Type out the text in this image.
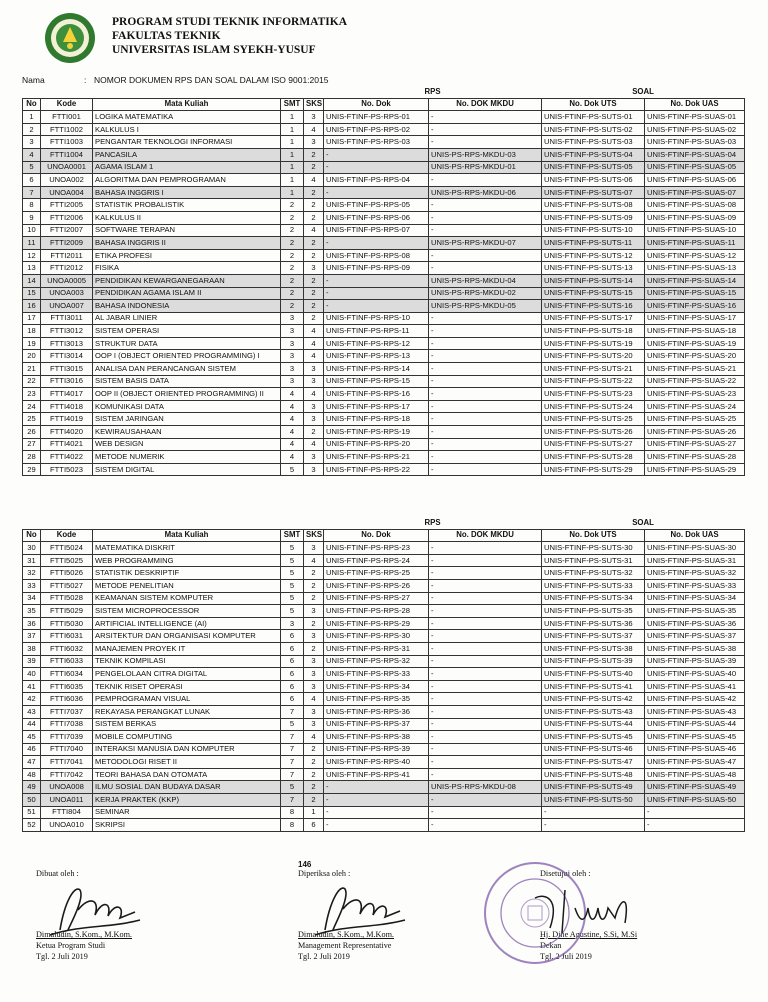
PROGRAM STUDI TEKNIK INFORMATIKA
FAKULTAS TEKNIK
UNIVERSITAS ISLAM SYEKH-YUSUF
Nama	: NOMOR DOKUMEN RPS DAN SOAL DALAM ISO 9001:2015
					RPS		SOAL	
No	Kode	Mata Kuliah	SMT	SKS	No. Dok	No. DOK MKDU	No. Dok UTS	No. Dok UAS
1	FTTI001	LOGIKA MATEMATIKA	1	3	UNIS-FTINF-PS-RPS-01	-	UNIS-FTINF-PS-SUTS-01	UNIS-FTINF-PS-SUAS-01
2	FTTI1002	KALKULUS I	1	4	UNIS-FTINF-PS-RPS-02	-	UNIS-FTINF-PS-SUTS-02	UNIS-FTINF-PS-SUAS-02
3	FTTI1003	PENGANTAR TEKNOLOGI INFORMASI	1	3	UNIS-FTINF-PS-RPS-03	-	UNIS-FTINF-PS-SUTS-03	UNIS-FTINF-PS-SUAS-03
4	FTTI1004	PANCASILA	1	2	-	UNIS-PS-RPS-MKDU-03	UNIS-FTINF-PS-SUTS-04	UNIS-FTINF-PS-SUAS-04
5	UNOA0001	AGAMA ISLAM 1	1	2	-	UNIS-PS-RPS-MKDU-01	UNIS-FTINF-PS-SUTS-05	UNIS-FTINF-PS-SUAS-05
6	UNOA002	ALGORITMA DAN PEMPROGRAMAN	1	4	UNIS-FTINF-PS-RPS-04	-	UNIS-FTINF-PS-SUTS-06	UNIS-FTINF-PS-SUAS-06
7	UNOA004	BAHASA INGGRIS I	1	2	-	UNIS-PS-RPS-MKDU-06	UNIS-FTINF-PS-SUTS-07	UNIS-FTINF-PS-SUAS-07
8	FTTI2005	STATISTIK PROBALISTIK	2	2	UNIS-FTINF-PS-RPS-05	-	UNIS-FTINF-PS-SUTS-08	UNIS-FTINF-PS-SUAS-08
9	FTTI2006	KALKULUS II	2	2	UNIS-FTINF-PS-RPS-06	-	UNIS-FTINF-PS-SUTS-09	UNIS-FTINF-PS-SUAS-09
10	FTTI2007	SOFTWARE TERAPAN	2	4	UNIS-FTINF-PS-RPS-07	-	UNIS-FTINF-PS-SUTS-10	UNIS-FTINF-PS-SUAS-10
11	FTTI2009	BAHASA INGGRIS II	2	2	-	UNIS-PS-RPS-MKDU-07	UNIS-FTINF-PS-SUTS-11	UNIS-FTINF-PS-SUAS-11
12	FTTI2011	ETIKA PROFESI	2	2	UNIS-FTINF-PS-RPS-08	-	UNIS-FTINF-PS-SUTS-12	UNIS-FTINF-PS-SUAS-12
13	FTTI2012	FISIKA	2	3	UNIS-FTINF-PS-RPS-09	-	UNIS-FTINF-PS-SUTS-13	UNIS-FTINF-PS-SUAS-13
14	UNOA0005	PENDIDIKAN KEWARGANEGARAAN	2	2	-	UNIS-PS-RPS-MKDU-04	UNIS-FTINF-PS-SUTS-14	UNIS-FTINF-PS-SUAS-14
15	UNOA003	PENDIDIKAN AGAMA ISLAM II	2	2	-	UNIS-PS-RPS-MKDU-02	UNIS-FTINF-PS-SUTS-15	UNIS-FTINF-PS-SUAS-15
16	UNOA007	BAHASA INDONESIA	2	2	-	UNIS-PS-RPS-MKDU-05	UNIS-FTINF-PS-SUTS-16	UNIS-FTINF-PS-SUAS-16
17	FTTI3011	AL JABAR LINIER	3	2	UNIS-FTINF-PS-RPS-10	-	UNIS-FTINF-PS-SUTS-17	UNIS-FTINF-PS-SUAS-17
18	FTTI3012	SISTEM OPERASI	3	4	UNIS-FTINF-PS-RPS-11	-	UNIS-FTINF-PS-SUTS-18	UNIS-FTINF-PS-SUAS-18
19	FTTI3013	STRUKTUR DATA	3	4	UNIS-FTINF-PS-RPS-12	-	UNIS-FTINF-PS-SUTS-19	UNIS-FTINF-PS-SUAS-19
20	FTTI3014	OOP I (OBJECT ORIENTED PROGRAMMING) I	3	4	UNIS-FTINF-PS-RPS-13	-	UNIS-FTINF-PS-SUTS-20	UNIS-FTINF-PS-SUAS-20
21	FTTI3015	ANALISA DAN PERANCANGAN SISTEM	3	3	UNIS-FTINF-PS-RPS-14	-	UNIS-FTINF-PS-SUTS-21	UNIS-FTINF-PS-SUAS-21
22	FTTI3016	SISTEM BASIS DATA	3	3	UNIS-FTINF-PS-RPS-15	-	UNIS-FTINF-PS-SUTS-22	UNIS-FTINF-PS-SUAS-22
23	FTTI4017	OOP II (OBJECT ORIENTED PROGRAMMING) II	4	4	UNIS-FTINF-PS-RPS-16	-	UNIS-FTINF-PS-SUTS-23	UNIS-FTINF-PS-SUAS-23
24	FTTI4018	KOMUNIKASI DATA	4	3	UNIS-FTINF-PS-RPS-17	-	UNIS-FTINF-PS-SUTS-24	UNIS-FTINF-PS-SUAS-24
25	FTTI4019	SISTEM JARINGAN	4	3	UNIS-FTINF-PS-RPS-18	-	UNIS-FTINF-PS-SUTS-25	UNIS-FTINF-PS-SUAS-25
26	FTTI4020	KEWIRAUSAHAAN	4	2	UNIS-FTINF-PS-RPS-19	-	UNIS-FTINF-PS-SUTS-26	UNIS-FTINF-PS-SUAS-26
27	FTTI4021	WEB DESIGN	4	4	UNIS-FTINF-PS-RPS-20	-	UNIS-FTINF-PS-SUTS-27	UNIS-FTINF-PS-SUAS-27
28	FTTI4022	METODE NUMERIK	4	3	UNIS-FTINF-PS-RPS-21	-	UNIS-FTINF-PS-SUTS-28	UNIS-FTINF-PS-SUAS-28
29	FTTI5023	SISTEM DIGITAL	5	3	UNIS-FTINF-PS-RPS-22	-	UNIS-FTINF-PS-SUTS-29	UNIS-FTINF-PS-SUAS-29
					RPS		SOAL	
No	Kode	Mata Kuliah	SMT	SKS	No. Dok	No. DOK MKDU	No. Dok UTS	No. Dok UAS
30	FTTI5024	MATEMATIKA DISKRIT	5	3	UNIS-FTINF-PS-RPS-23	-	UNIS-FTINF-PS-SUTS-30	UNIS-FTINF-PS-SUAS-30
31	FTTI5025	WEB PROGRAMMING	5	4	UNIS-FTINF-PS-RPS-24	-	UNIS-FTINF-PS-SUTS-31	UNIS-FTINF-PS-SUAS-31
32	FTTI5026	STATISTIK DESKRIPTIF	5	2	UNIS-FTINF-PS-RPS-25	-	UNIS-FTINF-PS-SUTS-32	UNIS-FTINF-PS-SUAS-32
33	FTTI5027	METODE PENELITIAN	5	2	UNIS-FTINF-PS-RPS-26	-	UNIS-FTINF-PS-SUTS-33	UNIS-FTINF-PS-SUAS-33
34	FTTI5028	KEAMANAN SISTEM KOMPUTER	5	2	UNIS-FTINF-PS-RPS-27	-	UNIS-FTINF-PS-SUTS-34	UNIS-FTINF-PS-SUAS-34
35	FTTI5029	SISTEM MICROPROCESSOR	5	3	UNIS-FTINF-PS-RPS-28	-	UNIS-FTINF-PS-SUTS-35	UNIS-FTINF-PS-SUAS-35
36	FTTI5030	ARTIFICIAL INTELLIGENCE (AI)	3	2	UNIS-FTINF-PS-RPS-29	-	UNIS-FTINF-PS-SUTS-36	UNIS-FTINF-PS-SUAS-36
37	FTTI6031	ARSITEKTUR DAN ORGANISASI KOMPUTER	6	3	UNIS-FTINF-PS-RPS-30	-	UNIS-FTINF-PS-SUTS-37	UNIS-FTINF-PS-SUAS-37
38	FTTI6032	MANAJEMEN PROYEK IT	6	2	UNIS-FTINF-PS-RPS-31	-	UNIS-FTINF-PS-SUTS-38	UNIS-FTINF-PS-SUAS-38
39	FTTI6033	TEKNIK KOMPILASI	6	3	UNIS-FTINF-PS-RPS-32	-	UNIS-FTINF-PS-SUTS-39	UNIS-FTINF-PS-SUAS-39
40	FTTI6034	PENGELOLAAN CITRA DIGITAL	6	3	UNIS-FTINF-PS-RPS-33	-	UNIS-FTINF-PS-SUTS-40	UNIS-FTINF-PS-SUAS-40
41	FTTI6035	TEKNIK RISET OPERASI	6	3	UNIS-FTINF-PS-RPS-34	-	UNIS-FTINF-PS-SUTS-41	UNIS-FTINF-PS-SUAS-41
42	FTTI6036	PEMPROGRAMAN VISUAL	6	4	UNIS-FTINF-PS-RPS-35	-	UNIS-FTINF-PS-SUTS-42	UNIS-FTINF-PS-SUAS-42
43	FTTI7037	REKAYASA PERANGKAT LUNAK	7	3	UNIS-FTINF-PS-RPS-36	-	UNIS-FTINF-PS-SUTS-43	UNIS-FTINF-PS-SUAS-43
44	FTTI7038	SISTEM BERKAS	5	3	UNIS-FTINF-PS-RPS-37	-	UNIS-FTINF-PS-SUTS-44	UNIS-FTINF-PS-SUAS-44
45	FTTI7039	MOBILE COMPUTING	7	4	UNIS-FTINF-PS-RPS-38	-	UNIS-FTINF-PS-SUTS-45	UNIS-FTINF-PS-SUAS-45
46	FTTI7040	INTERAKSI MANUSIA DAN KOMPUTER	7	2	UNIS-FTINF-PS-RPS-39	-	UNIS-FTINF-PS-SUTS-46	UNIS-FTINF-PS-SUAS-46
47	FTTI7041	METODOLOGI RISET II	7	2	UNIS-FTINF-PS-RPS-40	-	UNIS-FTINF-PS-SUTS-47	UNIS-FTINF-PS-SUAS-47
48	FTTI7042	TEORI BAHASA DAN OTOMATA	7	2	UNIS-FTINF-PS-RPS-41	-	UNIS-FTINF-PS-SUTS-48	UNIS-FTINF-PS-SUAS-48
49	UNOA008	ILMU SOSIAL DAN BUDAYA DASAR	5	2	-	UNIS-PS-RPS-MKDU-08	UNIS-FTINF-PS-SUTS-49	UNIS-FTINF-PS-SUAS-49
50	UNOA011	KERJA PRAKTEK (KKP)	7	2	-	-	UNIS-FTINF-PS-SUTS-50	UNIS-FTINF-PS-SUAS-50
51	FTTI804	SEMINAR	8	1	-	-	-	-
52	UNOA010	SKRIPSI	8	6	-	-	-	-
146
Dibuat oleh :
Dimaludin, S.Kom., M.Kom.
Ketua Program Studi
Tgl. 2 Juli 2019
Diperiksa oleh :
Dimaludin, S.Kom., M.Kom.
Management Representative
Tgl. 2 Juli 2019
Disetujui oleh :
Hj. Dine Agustine, S.Si, M.Si
Dekan
Tgl. 2 Juli 2019
